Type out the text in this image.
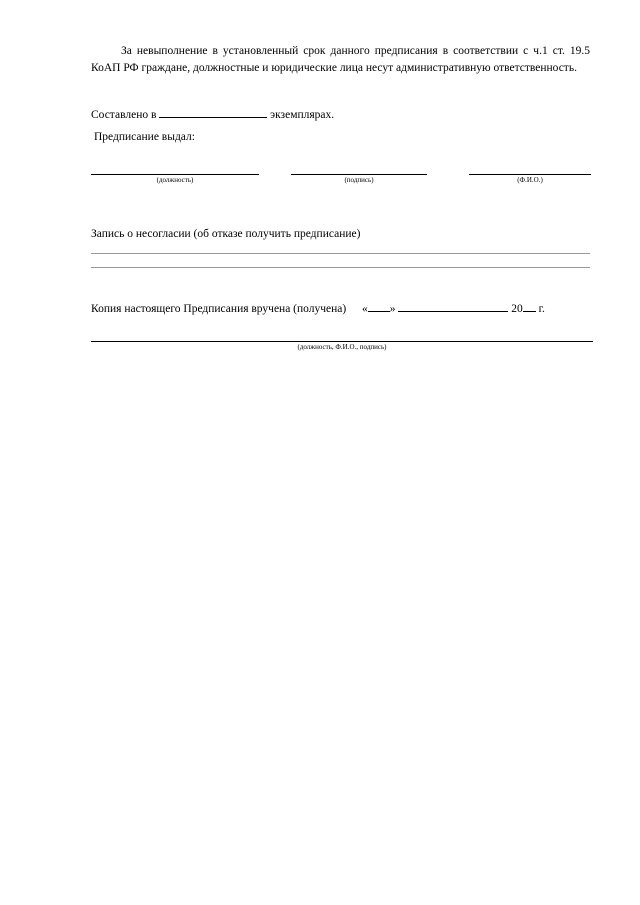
За невыполнение в установленный срок данного предписания в соответствии с ч.1 ст. 19.5 КоАП РФ граждане, должностные и юридические лица несут административную ответственность.

Составлено в	экземплярах.
Предписание выдал:
(должность)	(подпись)	(Ф.И.О.)
Запись о несогласии (об отказе получить предписание)
Копия настоящего Предписания вручена (получена) « »	20 г.
(должность, Ф.И.О., подпись)
